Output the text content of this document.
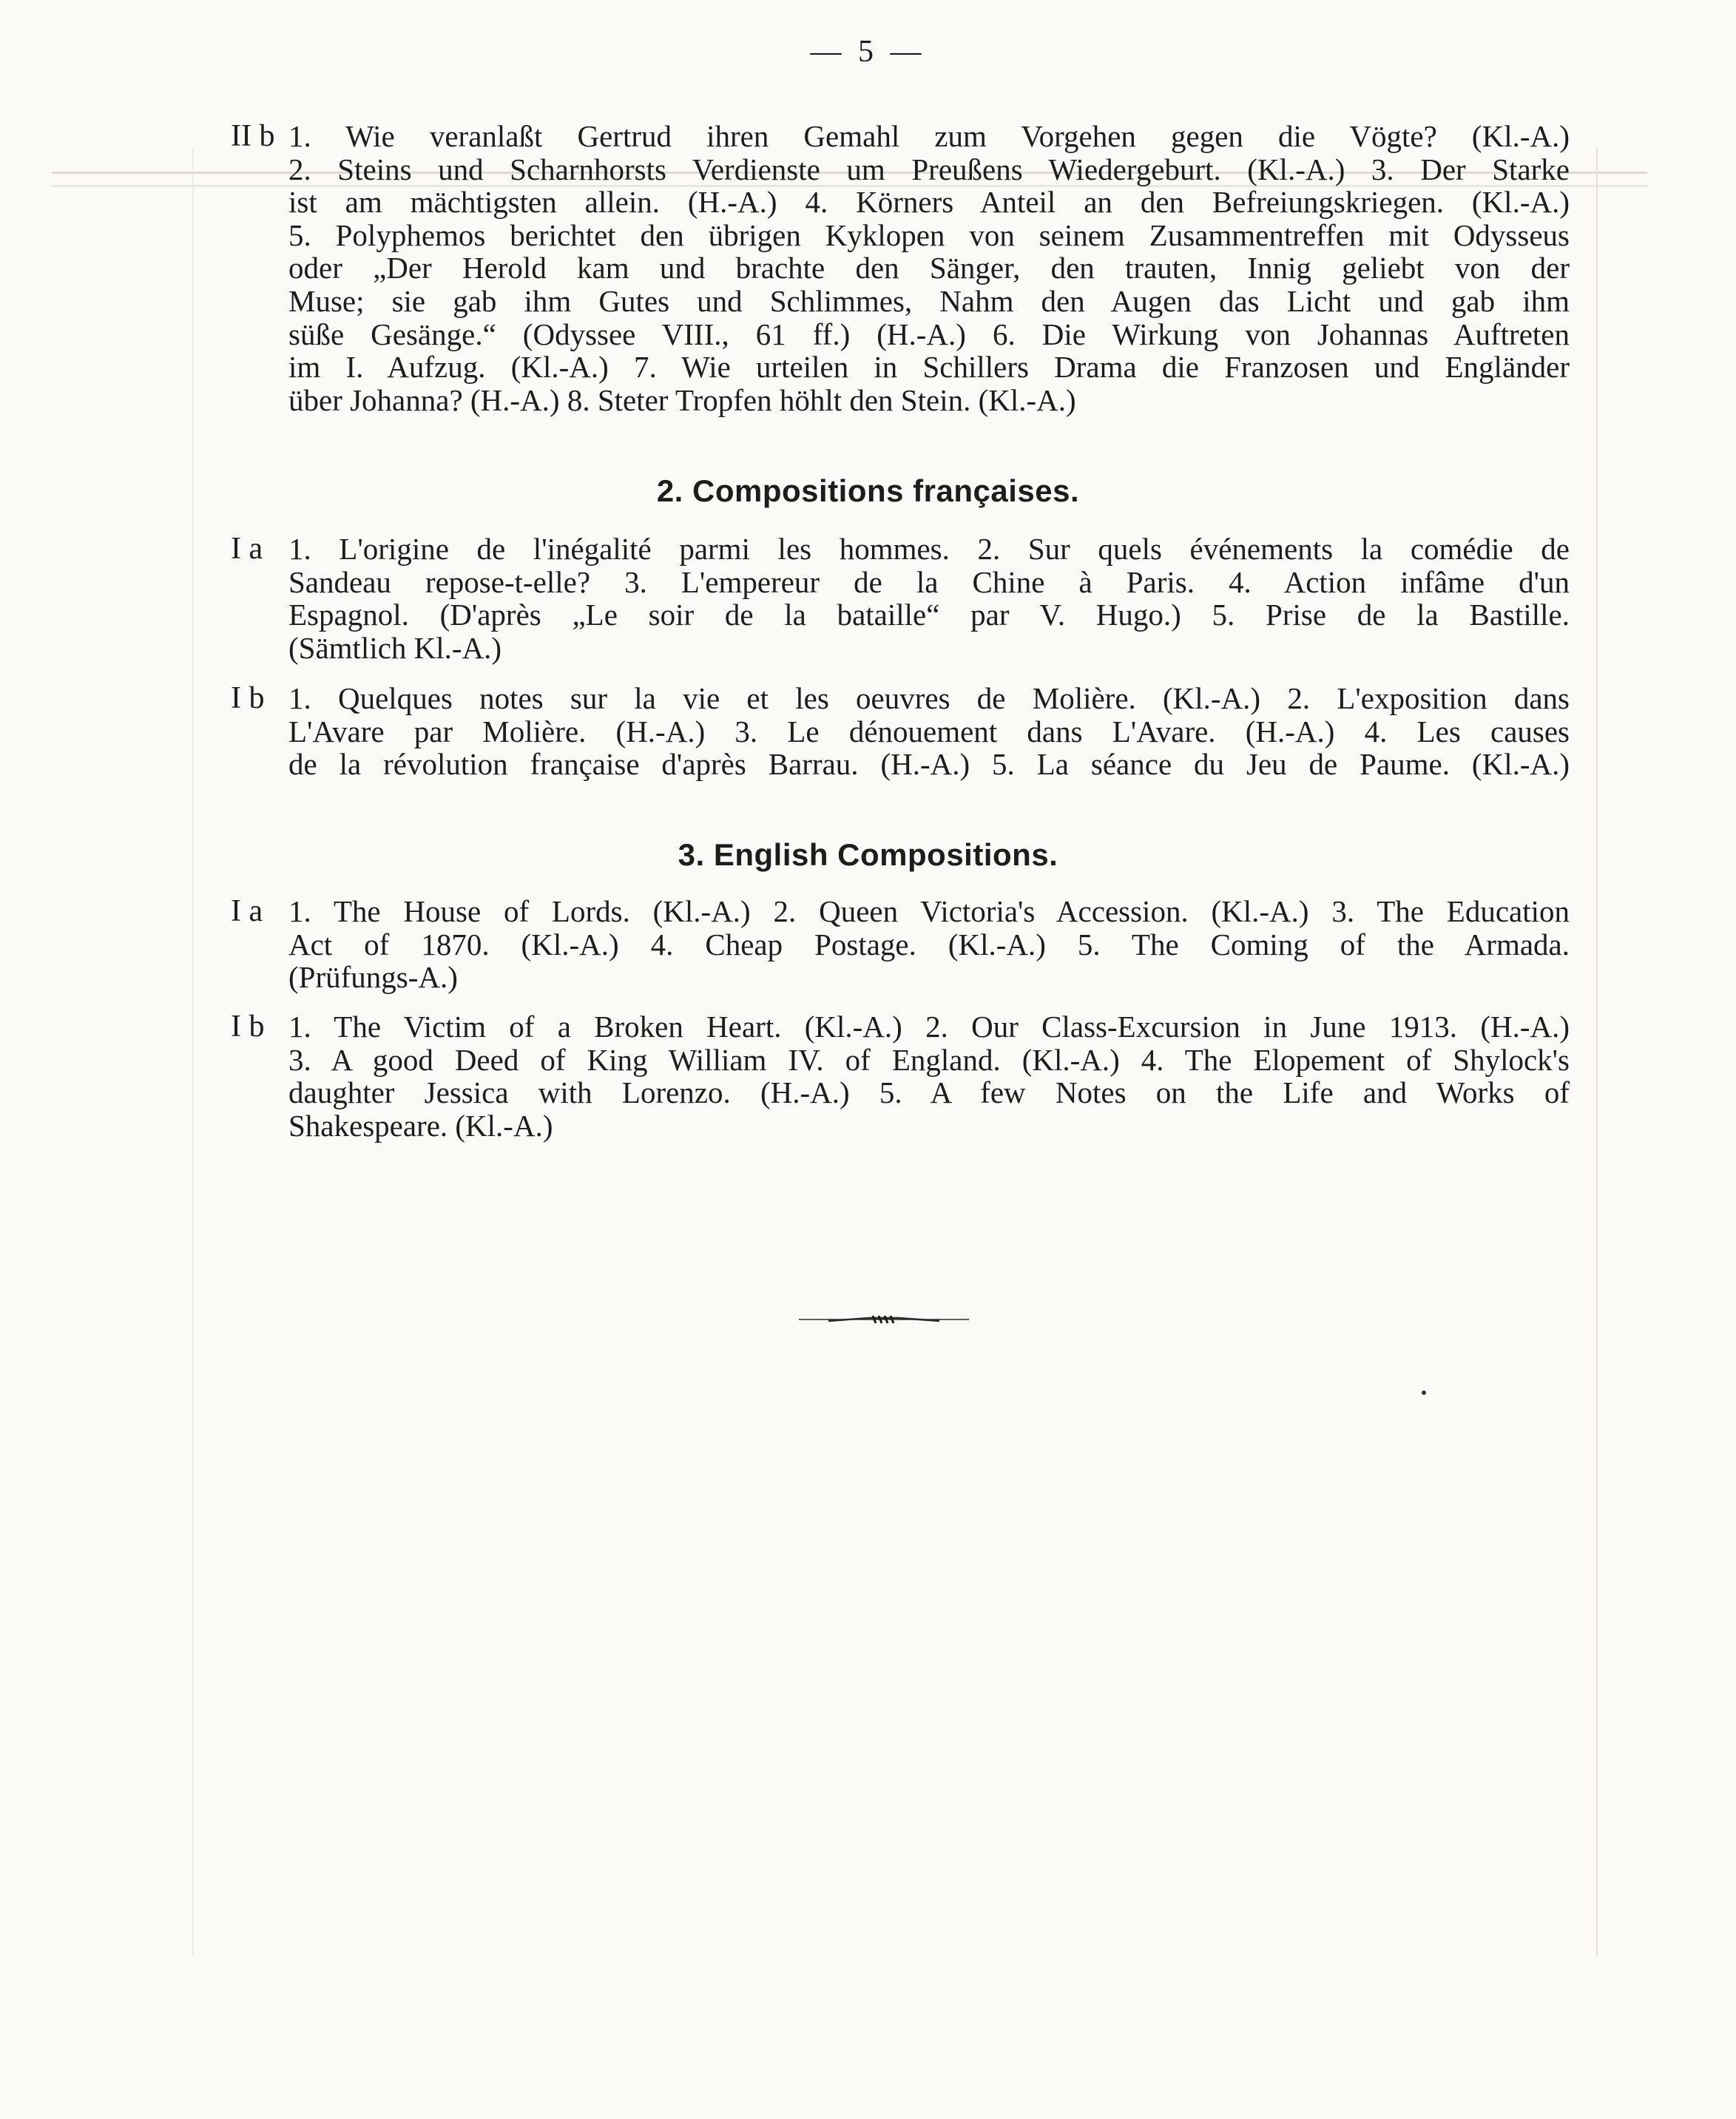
— 5 —
II b 1. Wie veranlaßt Gertrud ihren Gemahl zum Vorgehen gegen die Vögte? (Kl.-A.)
2. Steins und Scharnhorsts Verdienste um Preußens Wiedergeburt. (Kl.-A.) 3. Der Starke
ist am mächtigsten allein. (H.-A.) 4. Körners Anteil an den Befreiungskriegen. (Kl.-A.)
5. Polyphemos berichtet den übrigen Kyklopen von seinem Zusammentreffen mit Odysseus
oder „Der Herold kam und brachte den Sänger, den trauten, Innig geliebt von der
Muse; sie gab ihm Gutes und Schlimmes, Nahm den Augen das Licht und gab ihm
süße Gesänge.“ (Odyssee VIII., 61 ff.) (H.-A.) 6. Die Wirkung von Johannas Auftreten
im I. Aufzug. (Kl.-A.) 7. Wie urteilen in Schillers Drama die Franzosen und Engländer
über Johanna? (H.-A.) 8. Steter Tropfen höhlt den Stein. (Kl.-A.)
2. Compositions françaises.
I a 1. L'origine de l'inégalité parmi les hommes. 2. Sur quels événements la comédie de
Sandeau repose-t-elle? 3. L'empereur de la Chine à Paris. 4. Action infâme d'un
Espagnol. (D'après „Le soir de la bataille“ par V. Hugo.) 5. Prise de la Bastille.
(Sämtlich Kl.-A.)
I b 1. Quelques notes sur la vie et les oeuvres de Molière. (Kl.-A.) 2. L'exposition dans
L'Avare par Molière. (H.-A.) 3. Le dénouement dans L'Avare. (H.-A.) 4. Les causes
de la révolution française d'après Barrau. (H.-A.) 5. La séance du Jeu de Paume. (Kl.-A.)
3. English Compositions.
I a 1. The House of Lords. (Kl.-A.) 2. Queen Victoria's Accession. (Kl.-A.) 3. The Education
Act of 1870. (Kl.-A.) 4. Cheap Postage. (Kl.-A.) 5. The Coming of the Armada.
(Prüfungs-A.)
I b 1. The Victim of a Broken Heart. (Kl.-A.) 2. Our Class-Excursion in June 1913. (H.-A.)
3. A good Deed of King William IV. of England. (Kl.-A.) 4. The Elopement of Shylock's
daughter Jessica with Lorenzo. (H.-A.) 5. A few Notes on the Life and Works of
Shakespeare. (Kl.-A.)
